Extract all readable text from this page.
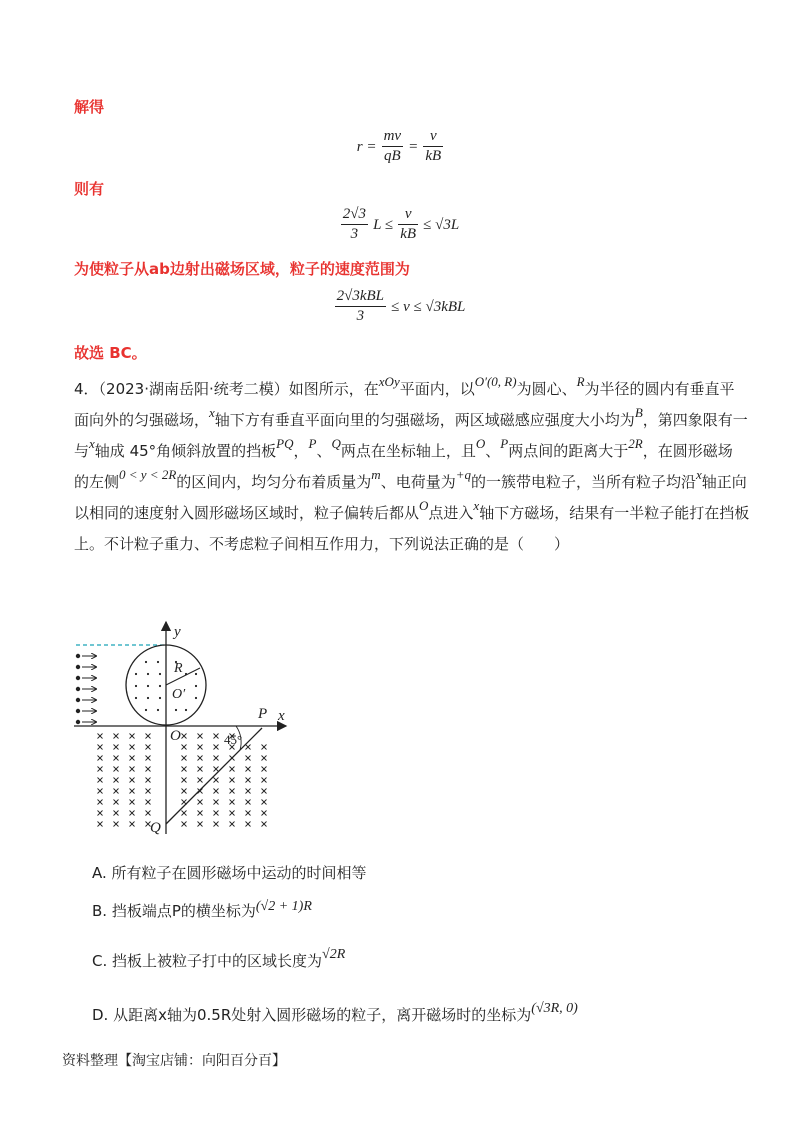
解得
$r = \frac{mv}{qB} = \frac{v}{kB}$
则有
$\frac{2√3}{3}$ $L \le \frac{v}{kB} \le √3L$
为使粒子从ab边射出磁场区域，粒子的速度范围为
$\frac{\text{2√3kBL}}{3} \le v \le √3kBL$
故选 BC。
4．（2023·湖南岳阳·统考二模）如图所示，在xOy平面内，以O′(0, R)为圆心、R为半径的圆内有垂直平
面向外的匀强磁场，x轴下方有垂直平面向里的匀强磁场，两区域磁感应强度大小均为B，第四象限有一
与x轴成 45°角倾斜放置的挡板PQ，P、Q两点在坐标轴上，且O、P两点间的距离大于2R，在圆形磁场
的左侧0 < y < 2R的区间内，均匀分布着质量为m、电荷量为+q的一簇带电粒子，当所有粒子均沿x轴正向
以相同的速度射入圆形磁场区域时，粒子偏转后都从O点进入x轴下方磁场，结果有一半粒子能打在挡板
上。不计粒子重力、不考虑粒子间相互作用力，下列说法正确的是（　　）
y
x
R
O′
O
P
Q
45°
A. 所有粒子在圆形磁场中运动的时间相等
B. 挡板端点P的横坐标为(√2 + 1)R
C. 挡板上被粒子打中的区域长度为√2R
D. 从距离x轴为0.5R处射入圆形磁场的粒子，离开磁场时的坐标为(√3R, 0)
资料整理【淘宝店铺：向阳百分百】
